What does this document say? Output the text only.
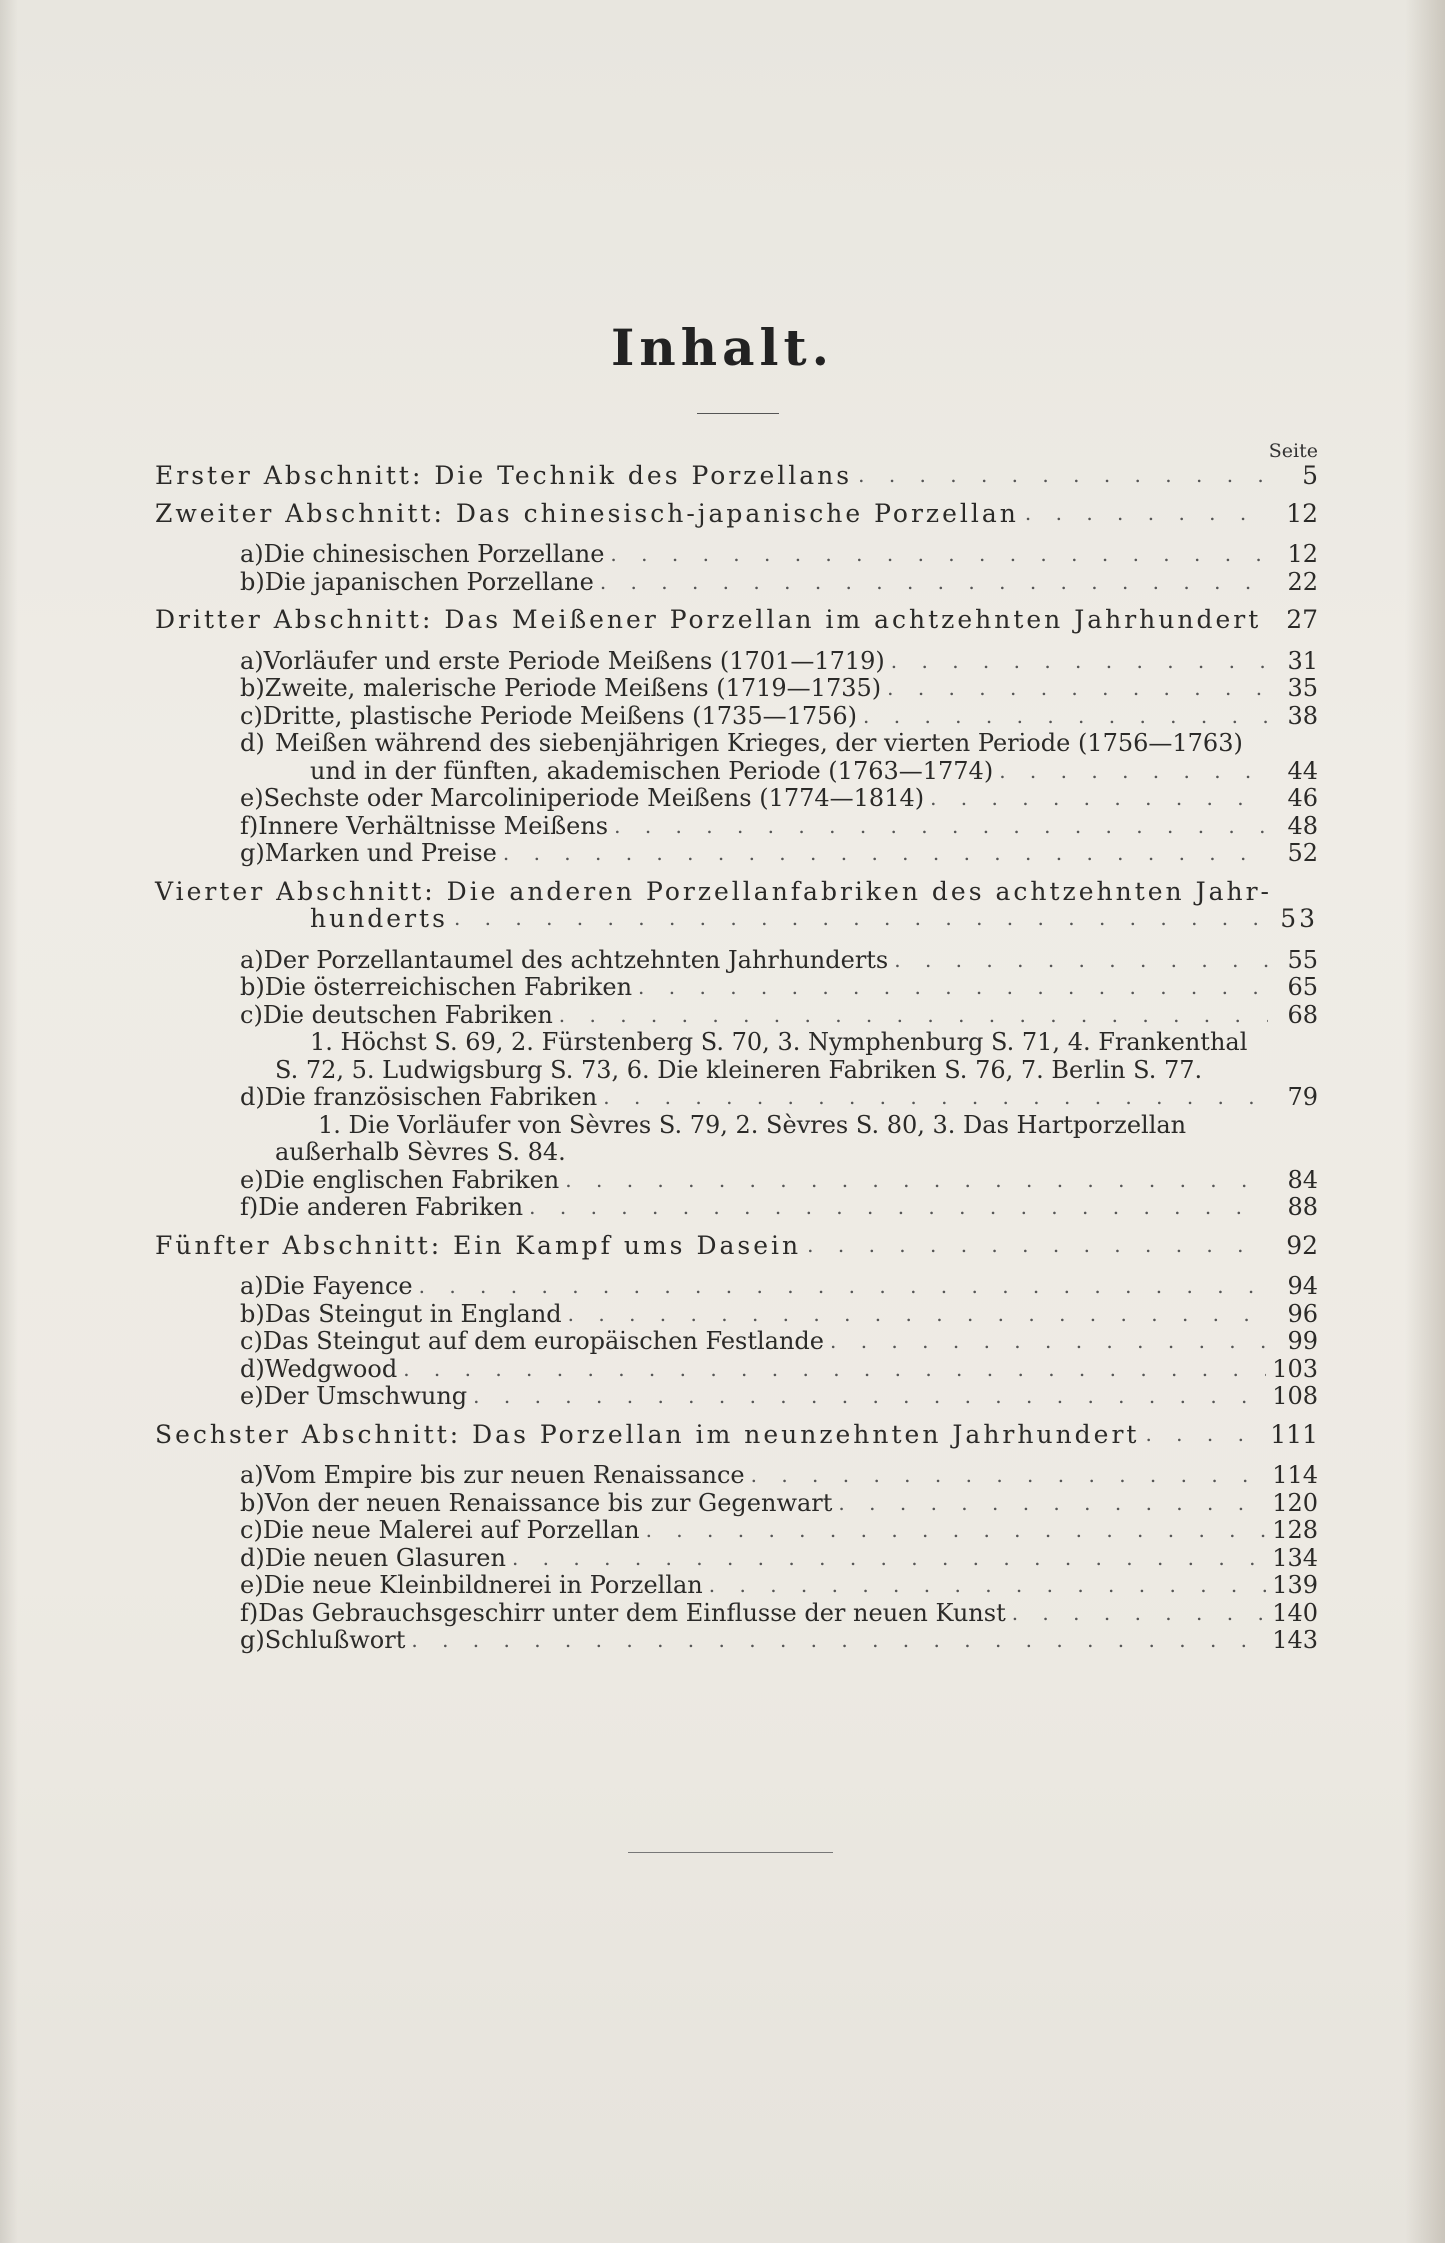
Inhalt.
Seite
Erster Abschnitt: Die Technik des Porzellans . . .	5
Zweiter Abschnitt: Das chinesisch-japanische Porzellan . . .	12
a) Die chinesischen Porzellane . . .	12
b) Die japanischen Porzellane . . .	22
Dritter Abschnitt: Das Meißener Porzellan im achtzehnten Jahrhundert . . . 27
a) Vorläufer und erste Periode Meißens (1701—1719) . . .	31
b) Zweite, malerische Periode Meißens (1719—1735) . . .	35
c) Dritte, plastische Periode Meißens (1735—1756) . . .	38
d) Meißen während des siebenjährigen Krieges, der vierten Periode (1756—1763)
und in der fünften, akademischen Periode (1763—1774) . . .	44
e) Sechste oder Marcoliniperiode Meißens (1774—1814) . . .	46
f) Innere Verhältnisse Meißens . . .	48
g) Marken und Preise . . .	52
Vierter Abschnitt: Die anderen Porzellanfabriken des achtzehnten Jahr-
hunderts . . .	53
a) Der Porzellantaumel des achtzehnten Jahrhunderts . . .	55
b) Die österreichischen Fabriken . . .	65
c) Die deutschen Fabriken . . .	68
1. Höchst S. 69, 2. Fürstenberg S. 70, 3. Nymphenburg S. 71, 4. Frankenthal
S. 72, 5. Ludwigsburg S. 73, 6. Die kleineren Fabriken S. 76, 7. Berlin S. 77.
d) Die französischen Fabriken . . .	79
1. Die Vorläufer von Sèvres S. 79, 2. Sèvres S. 80, 3. Das Hartporzellan
außerhalb Sèvres S. 84.
e) Die englischen Fabriken . . .	84
f) Die anderen Fabriken . . .	88
Fünfter Abschnitt: Ein Kampf ums Dasein . . .	92
a) Die Fayence . . .	94
b) Das Steingut in England . . .	96
c) Das Steingut auf dem europäischen Festlande . . .	99
d) Wedgwood . . .	103
e) Der Umschwung . . .	108
Sechster Abschnitt: Das Porzellan im neunzehnten Jahrhundert . . .	111
a) Vom Empire bis zur neuen Renaissance . . .	114
b) Von der neuen Renaissance bis zur Gegenwart . . .	120
c) Die neue Malerei auf Porzellan . . .	128
d) Die neuen Glasuren . . .	134
e) Die neue Kleinbildnerei in Porzellan . . .	139
f) Das Gebrauchsgeschirr unter dem Einflusse der neuen Kunst . . .	140
g) Schlußwort . . .	143
